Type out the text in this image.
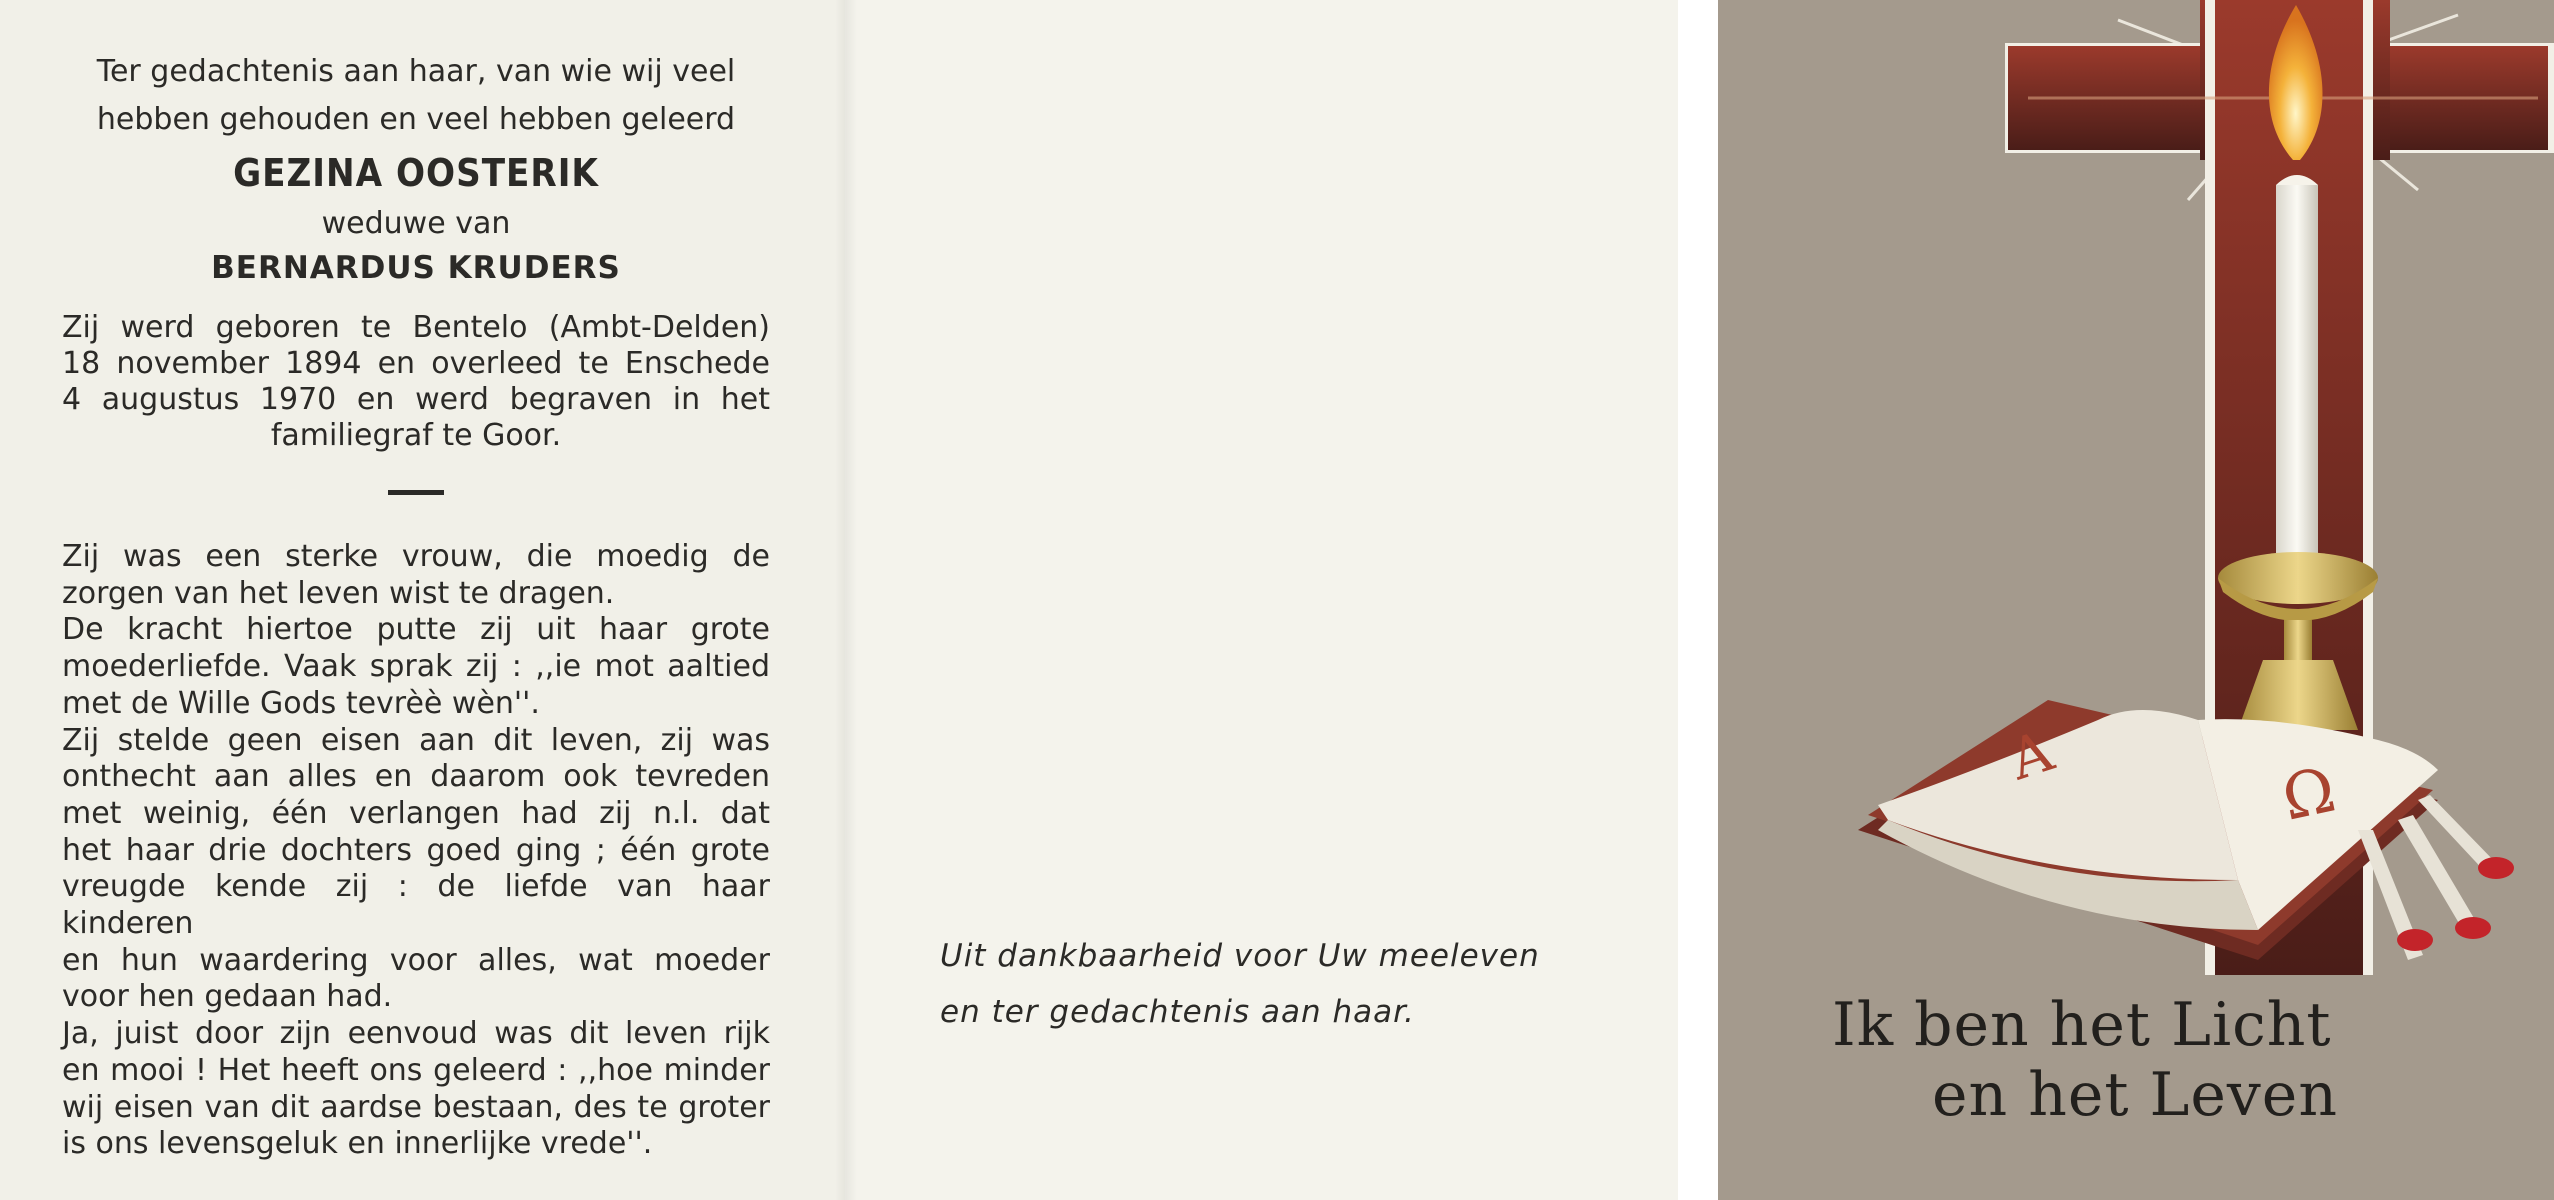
Ter gedachtenis aan haar, van wie wij veel

hebben gehouden en veel hebben geleerd

GEZINA OOSTERIK

weduwe van

BERNARDUS KRUDERS

Zij werd geboren te Bentelo (Ambt-Delden)
18 november 1894 en overleed te Enschede
4 augustus 1970 en werd begraven in het
familiegraf te Goor.
Zij was een sterke vrouw, die moedig de
zorgen van het leven wist te dragen.
De kracht hiertoe putte zij uit haar grote
moederliefde. Vaak sprak zij : ,,ie mot aaltied
met de Wille Gods tevrèè wèn''.
Zij stelde geen eisen aan dit leven, zij was
onthecht aan alles en daarom ook tevreden
met weinig, één verlangen had zij n.l. dat
het haar drie dochters goed ging ; één grote
vreugde kende zij : de liefde van haar kinderen
en hun waardering voor alles, wat moeder
voor hen gedaan had.
Ja, juist door zijn eenvoud was dit leven rijk
en mooi ! Het heeft ons geleerd : ,,hoe minder
wij eisen van dit aardse bestaan, des te groter
is ons levensgeluk en innerlijke vrede''.
Uit dankbaarheid voor Uw meeleven
en ter gedachtenis aan haar.
A	Ω
Ik ben het Licht
en het Leven
